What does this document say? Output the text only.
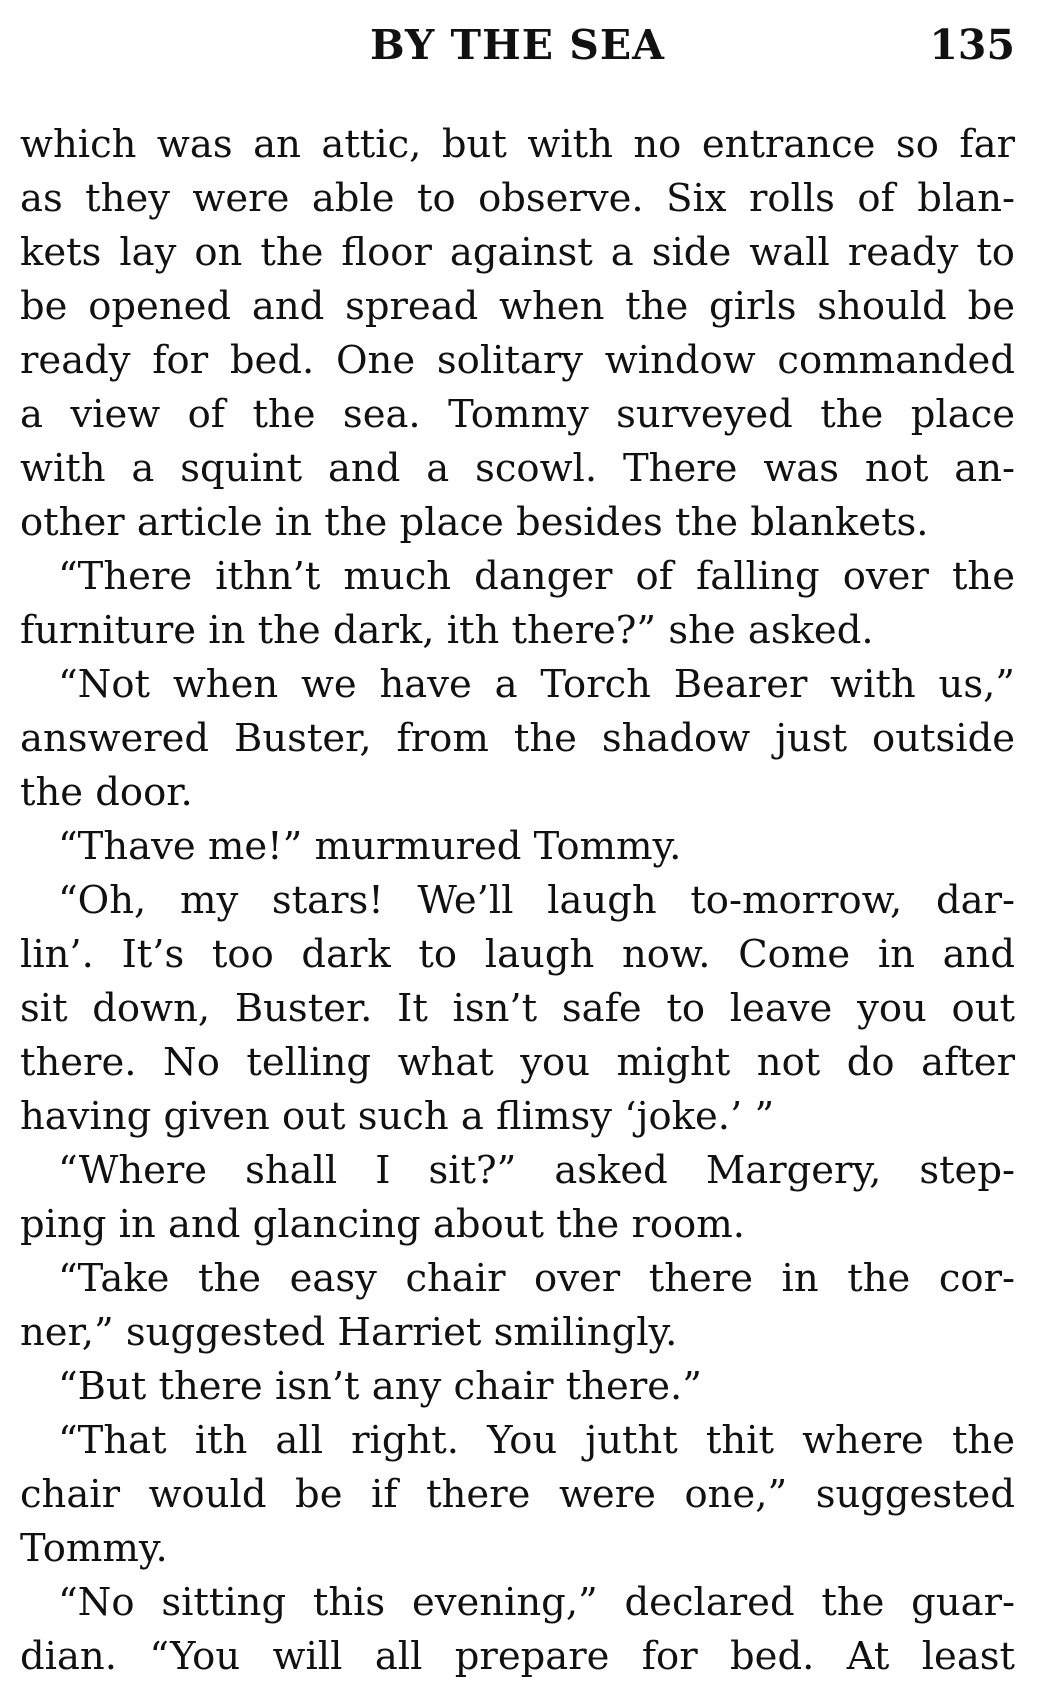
BY THE SEA	135
which was an attic, but with no entrance so far
as they were able to observe. Six rolls of blan-
kets lay on the floor against a side wall ready to
be opened and spread when the girls should be
ready for bed. One solitary window commanded
a view of the sea. Tommy surveyed the place
with a squint and a scowl. There was not an-
other article in the place besides the blankets.
“There ithn’t much danger of falling over the
furniture in the dark, ith there?” she asked.
“Not when we have a Torch Bearer with us,”
answered Buster, from the shadow just outside
the door.
“Thave me!” murmured Tommy.
“Oh, my stars! We’ll laugh to-morrow, dar-
lin’. It’s too dark to laugh now. Come in and
sit down, Buster. It isn’t safe to leave you out
there. No telling what you might not do after
having given out such a flimsy ‘joke.’ ”
“Where shall I sit?” asked Margery, step-
ping in and glancing about the room.
“Take the easy chair over there in the cor-
ner,” suggested Harriet smilingly.
“But there isn’t any chair there.”
“That ith all right. You jutht thit where the
chair would be if there were one,” suggested
Tommy.
“No sitting this evening,” declared the guar-
dian. “You will all prepare for bed. At least
